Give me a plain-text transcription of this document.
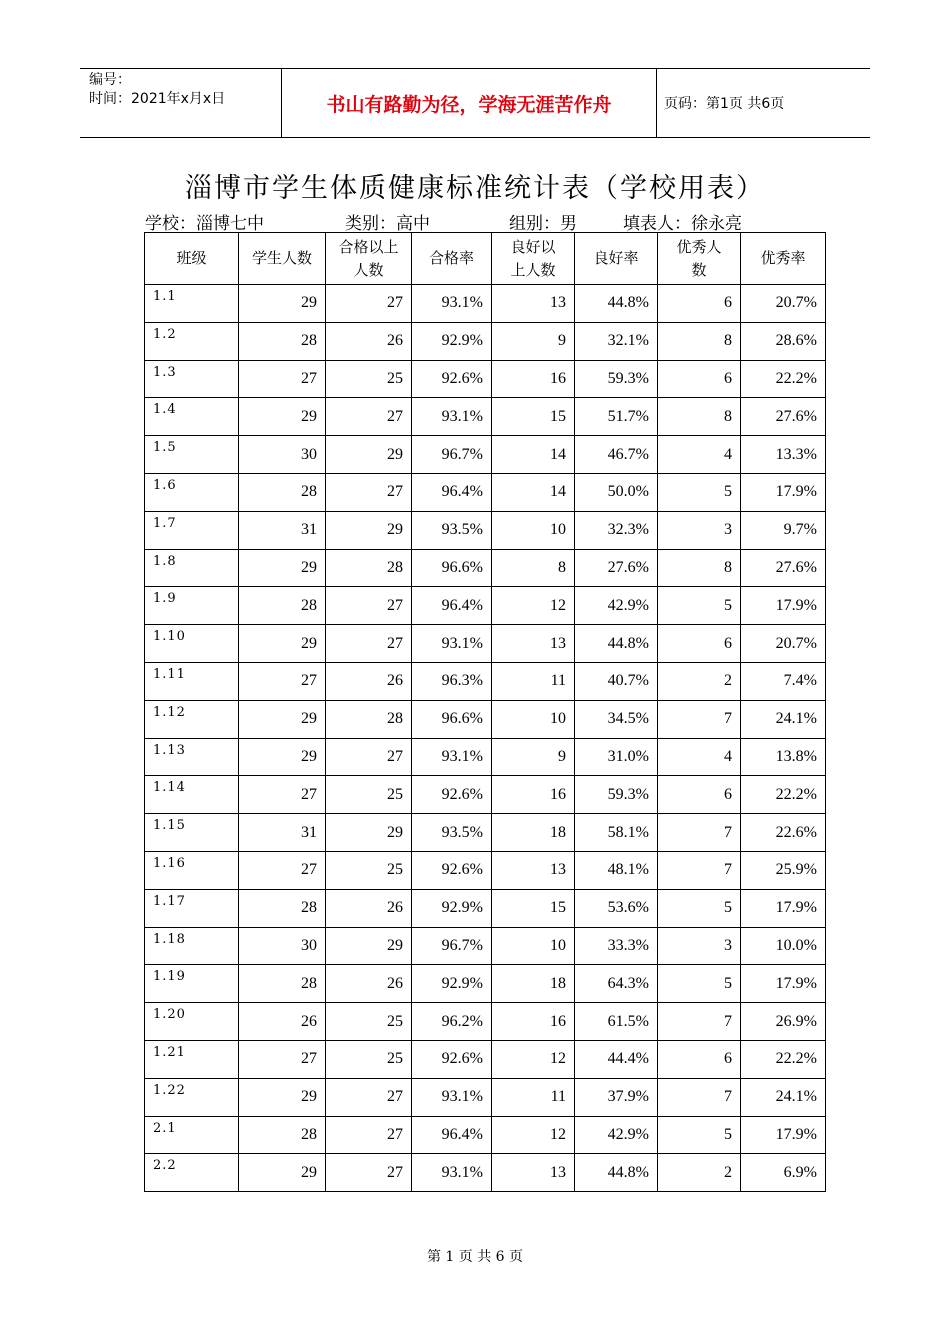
编号：
时间：2021年x月x日	书山有路勤为径，学海无涯苦作舟	页码：第1页 共6页
淄博市学生体质健康标准统计表（学校用表）
学校：淄博七中	类别：高中	组别：男	填表人：徐永亮
班级	学生人数	合格以上人数	合格率	良好以上人数	良好率	优秀人数	优秀率
1.1	29	27	93.1%	13	44.8%	6	20.7%
1.2	28	26	92.9%	9	32.1%	8	28.6%
1.3	27	25	92.6%	16	59.3%	6	22.2%
1.4	29	27	93.1%	15	51.7%	8	27.6%
1.5	30	29	96.7%	14	46.7%	4	13.3%
1.6	28	27	96.4%	14	50.0%	5	17.9%
1.7	31	29	93.5%	10	32.3%	3	9.7%
1.8	29	28	96.6%	8	27.6%	8	27.6%
1.9	28	27	96.4%	12	42.9%	5	17.9%
1.10	29	27	93.1%	13	44.8%	6	20.7%
1.11	27	26	96.3%	11	40.7%	2	7.4%
1.12	29	28	96.6%	10	34.5%	7	24.1%
1.13	29	27	93.1%	9	31.0%	4	13.8%
1.14	27	25	92.6%	16	59.3%	6	22.2%
1.15	31	29	93.5%	18	58.1%	7	22.6%
1.16	27	25	92.6%	13	48.1%	7	25.9%
1.17	28	26	92.9%	15	53.6%	5	17.9%
1.18	30	29	96.7%	10	33.3%	3	10.0%
1.19	28	26	92.9%	18	64.3%	5	17.9%
1.20	26	25	96.2%	16	61.5%	7	26.9%
1.21	27	25	92.6%	12	44.4%	6	22.2%
1.22	29	27	93.1%	11	37.9%	7	24.1%
2.1	28	27	96.4%	12	42.9%	5	17.9%
2.2	29	27	93.1%	13	44.8%	2	6.9%
第 1 页 共 6 页
